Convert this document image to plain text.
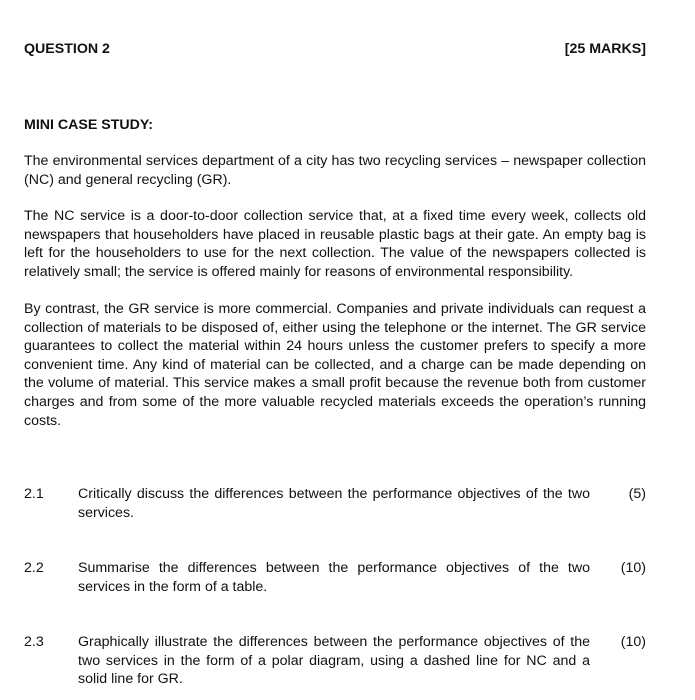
QUESTION 2	[25 MARKS]
MINI CASE STUDY:

The environmental services department of a city has two recycling services – newspaper collection (NC) and general recycling (GR).

The NC service is a door-to-door collection service that, at a fixed time every week, collects old newspapers that householders have placed in reusable plastic bags at their gate. An empty bag is left for the householders to use for the next collection. The value of the newspapers collected is relatively small; the service is offered mainly for reasons of environmental responsibility.

By contrast, the GR service is more commercial. Companies and private individuals can request a collection of materials to be disposed of, either using the telephone or the internet. The GR service guarantees to collect the material within 24 hours unless the customer prefers to specify a more convenient time. Any kind of material can be collected, and a charge can be made depending on the volume of material. This service makes a small profit because the revenue both from customer charges and from some of the more valuable recycled materials exceeds the operation’s running costs.

2.1 Critically discuss the differences between the performance objectives of the two services.
(5)
2.2 Summarise the differences between the performance objectives of the two services in the form of a table.
(10)
2.3 Graphically illustrate the differences between the performance objectives of the two services in the form of a polar diagram, using a dashed line for NC and a solid line for GR.
(10)
